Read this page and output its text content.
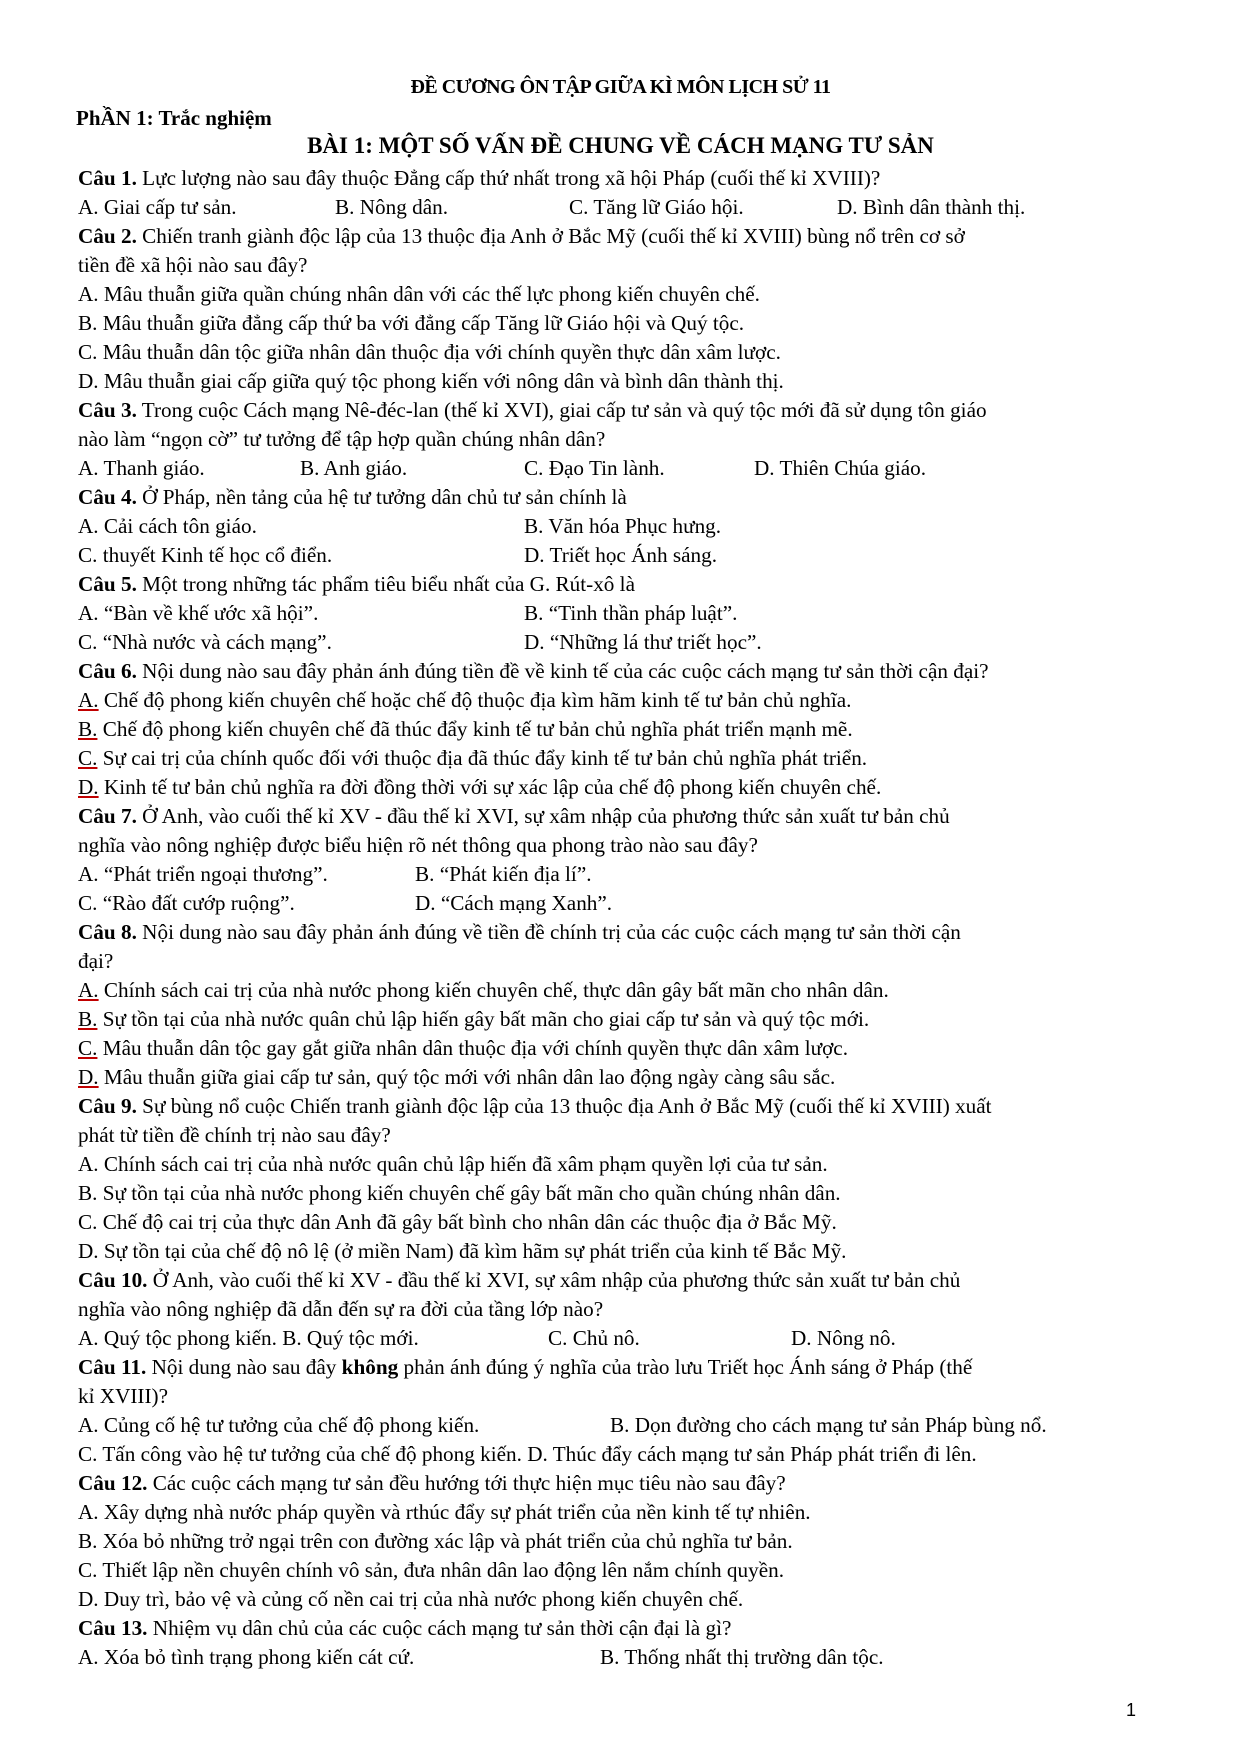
ĐỀ CƯƠNG ÔN TẬP GIỮA KÌ MÔN LỊCH SỬ 11
PhẦN 1: Trắc nghiệm
BÀI 1: MỘT SỐ VẤN ĐỀ CHUNG VỀ CÁCH MẠNG TƯ SẢN
Câu 1. Lực lượng nào sau đây thuộc Đẳng cấp thứ nhất trong xã hội Pháp (cuối thế kỉ XVIII)?
A. Giai cấp tư sản.	B. Nông dân.	C. Tăng lữ Giáo hội.	D. Bình dân thành thị.
Câu 2. Chiến tranh giành độc lập của 13 thuộc địa Anh ở Bắc Mỹ (cuối thế kỉ XVIII) bùng nổ trên cơ sở
tiền đề xã hội nào sau đây?
A. Mâu thuẫn giữa quần chúng nhân dân với các thế lực phong kiến chuyên chế.
B. Mâu thuẫn giữa đẳng cấp thứ ba với đẳng cấp Tăng lữ Giáo hội và Quý tộc.
C. Mâu thuẫn dân tộc giữa nhân dân thuộc địa với chính quyền thực dân xâm lược.
D. Mâu thuẫn giai cấp giữa quý tộc phong kiến với nông dân và bình dân thành thị.
Câu 3. Trong cuộc Cách mạng Nê-đéc-lan (thế kỉ XVI), giai cấp tư sản và quý tộc mới đã sử dụng tôn giáo
nào làm “ngọn cờ” tư tưởng để tập hợp quần chúng nhân dân?
A. Thanh giáo.	B. Anh giáo.	C. Đạo Tin lành.	D. Thiên Chúa giáo.
Câu 4. Ở Pháp, nền tảng của hệ tư tưởng dân chủ tư sản chính là
A. Cải cách tôn giáo.	B. Văn hóa Phục hưng.
C. thuyết Kinh tế học cổ điển.	D. Triết học Ánh sáng.
Câu 5. Một trong những tác phẩm tiêu biểu nhất của G. Rút-xô là
A. “Bàn về khế ước xã hội”.	B. “Tinh thần pháp luật”.
C. “Nhà nước và cách mạng”.	D. “Những lá thư triết học”.
Câu 6. Nội dung nào sau đây phản ánh đúng tiền đề về kinh tế của các cuộc cách mạng tư sản thời cận đại?
A. Chế độ phong kiến chuyên chế hoặc chế độ thuộc địa kìm hãm kinh tế tư bản chủ nghĩa.
B. Chế độ phong kiến chuyên chế đã thúc đẩy kinh tế tư bản chủ nghĩa phát triển mạnh mẽ.
C. Sự cai trị của chính quốc đối với thuộc địa đã thúc đẩy kinh tế tư bản chủ nghĩa phát triển.
D. Kinh tế tư bản chủ nghĩa ra đời đồng thời với sự xác lập của chế độ phong kiến chuyên chế.
Câu 7. Ở Anh, vào cuối thế kỉ XV - đầu thế kỉ XVI, sự xâm nhập của phương thức sản xuất tư bản chủ
nghĩa vào nông nghiệp được biểu hiện rõ nét thông qua phong trào nào sau đây?
A. “Phát triển ngoại thương”.	B. “Phát kiến địa lí”.
C. “Rào đất cướp ruộng”.	D. “Cách mạng Xanh”.
Câu 8. Nội dung nào sau đây phản ánh đúng về tiền đề chính trị của các cuộc cách mạng tư sản thời cận
đại?
A. Chính sách cai trị của nhà nước phong kiến chuyên chế, thực dân gây bất mãn cho nhân dân.
B. Sự tồn tại của nhà nước quân chủ lập hiến gây bất mãn cho giai cấp tư sản và quý tộc mới.
C. Mâu thuẫn dân tộc gay gắt giữa nhân dân thuộc địa với chính quyền thực dân xâm lược.
D. Mâu thuẫn giữa giai cấp tư sản, quý tộc mới với nhân dân lao động ngày càng sâu sắc.
Câu 9. Sự bùng nổ cuộc Chiến tranh giành độc lập của 13 thuộc địa Anh ở Bắc Mỹ (cuối thế kỉ XVIII) xuất
phát từ tiền đề chính trị nào sau đây?
A. Chính sách cai trị của nhà nước quân chủ lập hiến đã xâm phạm quyền lợi của tư sản.
B. Sự tồn tại của nhà nước phong kiến chuyên chế gây bất mãn cho quần chúng nhân dân.
C. Chế độ cai trị của thực dân Anh đã gây bất bình cho nhân dân các thuộc địa ở Bắc Mỹ.
D. Sự tồn tại của chế độ nô lệ (ở miền Nam) đã kìm hãm sự phát triển của kinh tế Bắc Mỹ.
Câu 10. Ở Anh, vào cuối thế kỉ XV - đầu thế kỉ XVI, sự xâm nhập của phương thức sản xuất tư bản chủ
nghĩa vào nông nghiệp đã dẫn đến sự ra đời của tầng lớp nào?
A. Quý tộc phong kiến. B. Quý tộc mới.	C. Chủ nô.	D. Nông nô.
Câu 11. Nội dung nào sau đây không phản ánh đúng ý nghĩa của trào lưu Triết học Ánh sáng ở Pháp (thế
kỉ XVIII)?
A. Củng cố hệ tư tưởng của chế độ phong kiến.	B. Dọn đường cho cách mạng tư sản Pháp bùng nổ.
C. Tấn công vào hệ tư tưởng của chế độ phong kiến. D. Thúc đẩy cách mạng tư sản Pháp phát triển đi lên.
Câu 12. Các cuộc cách mạng tư sản đều hướng tới thực hiện mục tiêu nào sau đây?
A. Xây dựng nhà nước pháp quyền và rthúc đẩy sự phát triển của nền kinh tế tự nhiên.
B. Xóa bỏ những trở ngại trên con đường xác lập và phát triển của chủ nghĩa tư bản.
C. Thiết lập nền chuyên chính vô sản, đưa nhân dân lao động lên nắm chính quyền.
D. Duy trì, bảo vệ và củng cố nền cai trị của nhà nước phong kiến chuyên chế.
Câu 13. Nhiệm vụ dân chủ của các cuộc cách mạng tư sản thời cận đại là gì?
A. Xóa bỏ tình trạng phong kiến cát cứ.	B. Thống nhất thị trường dân tộc.
1
